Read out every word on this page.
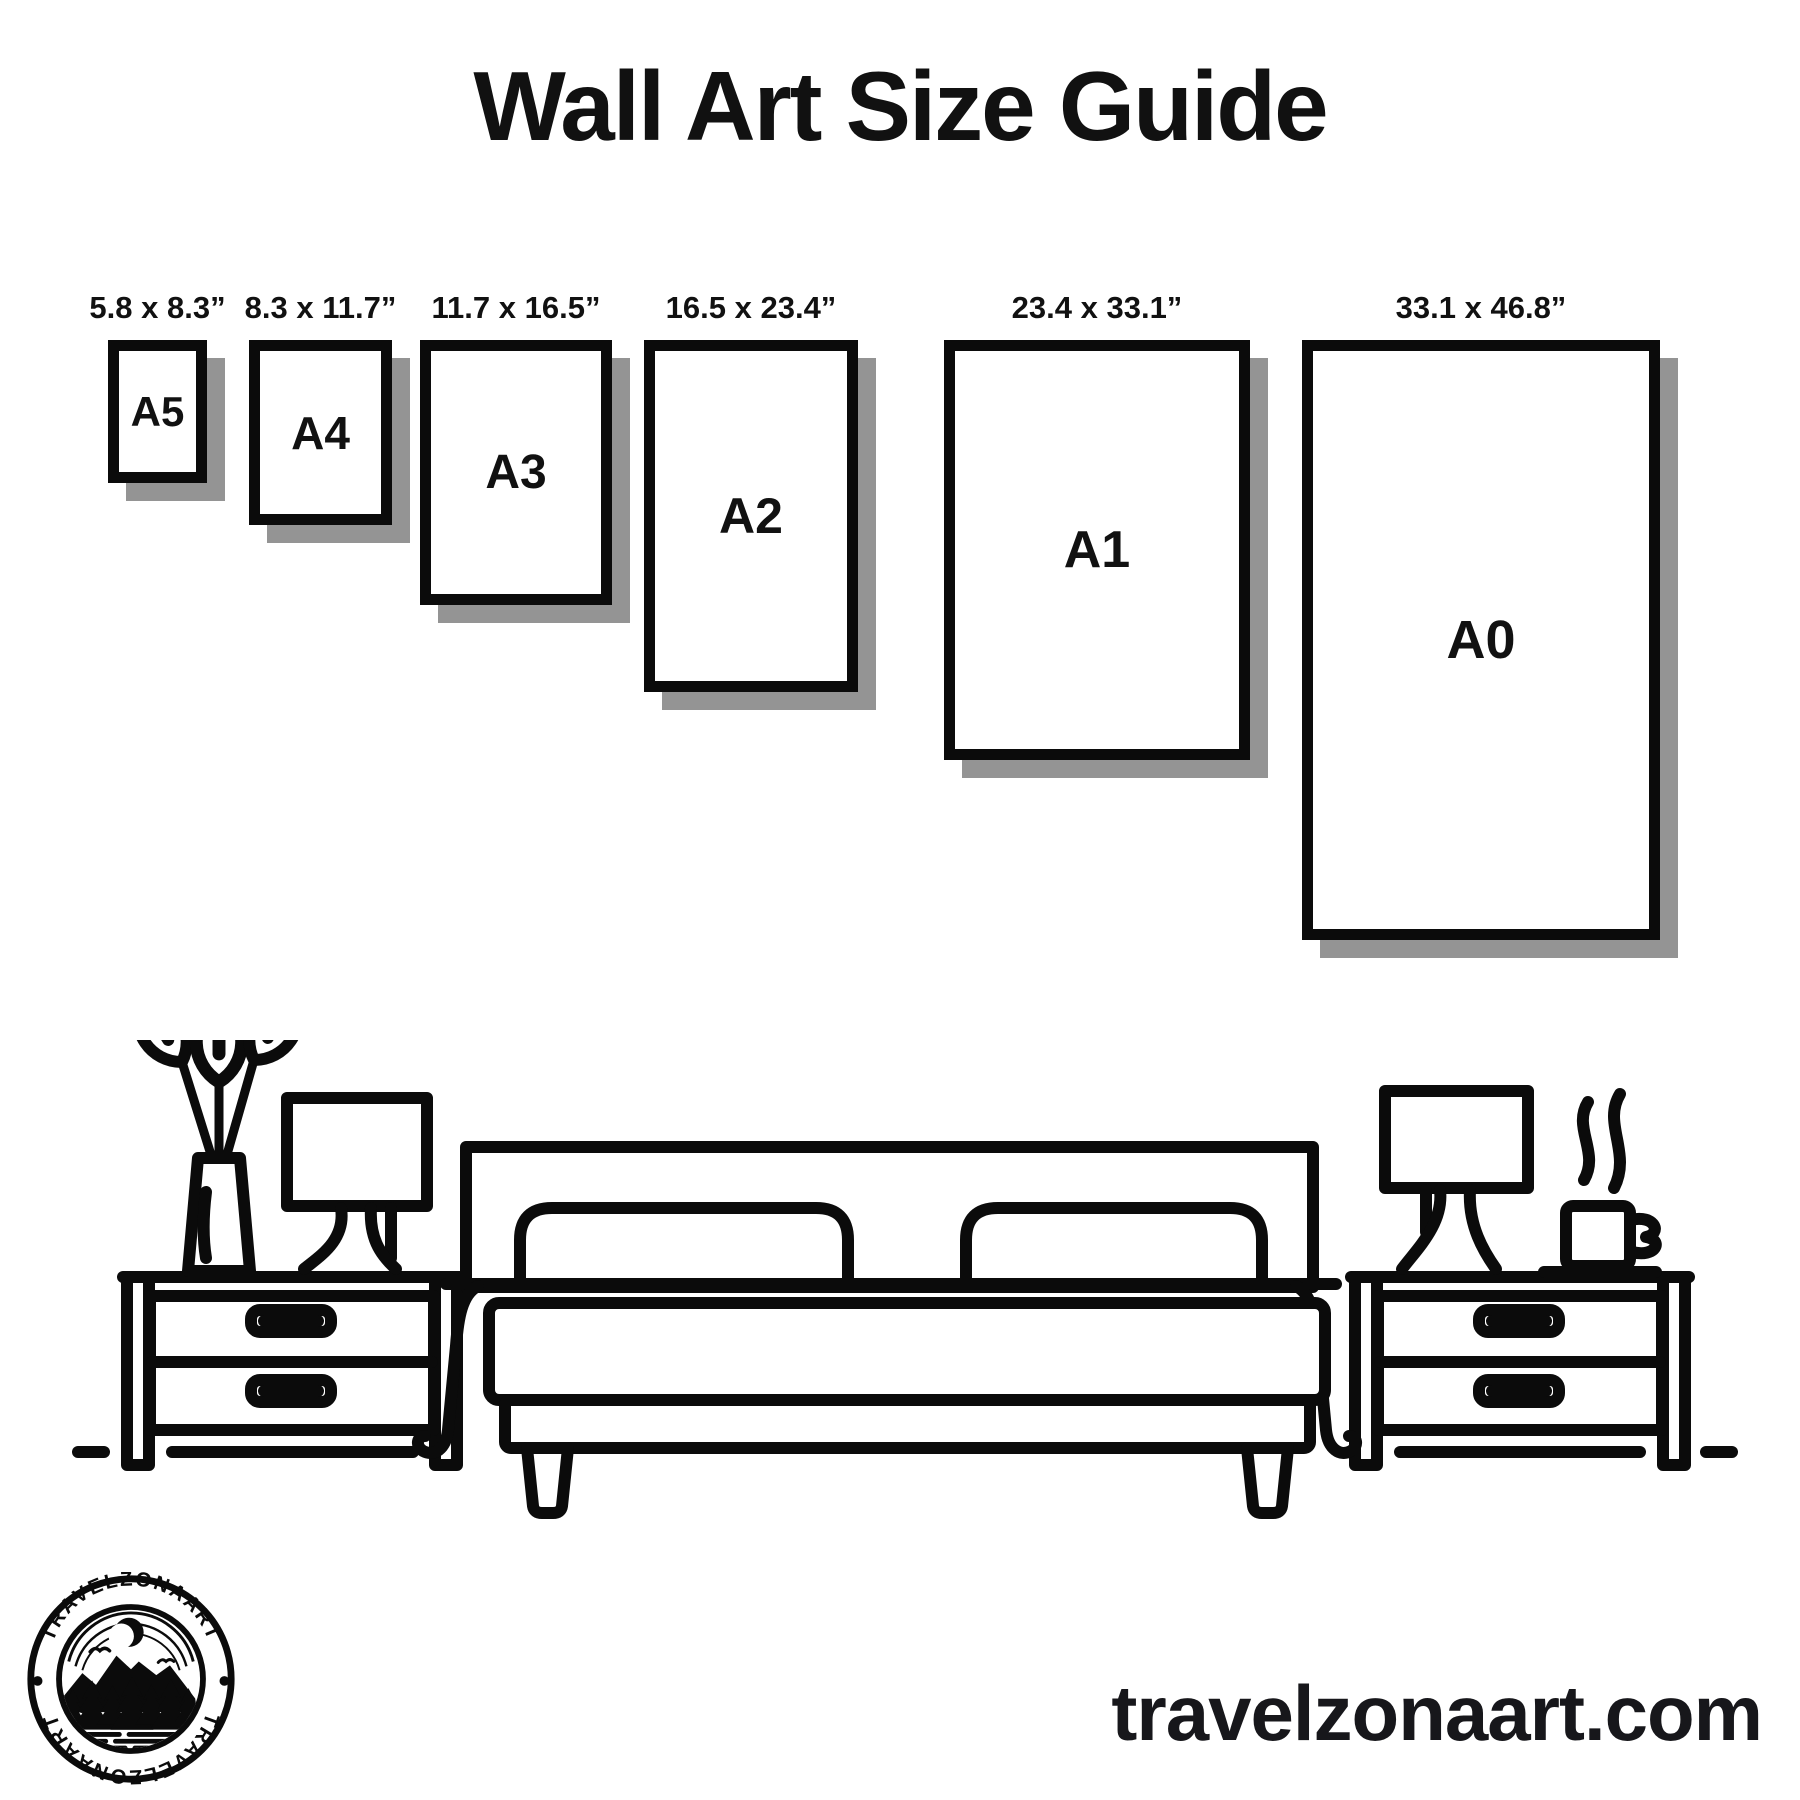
Wall Art Size Guide
5.8 x 8.3” 8.3 x 11.7”	11.7 x 16.5”	16.5 x 23.4”	23.4 x 33.1”	33.1 x 46.8”
A5 A4
A3
A2
A1
A0
TRAVELZONAART
TRAVELZONAART	travelzonaart.com
